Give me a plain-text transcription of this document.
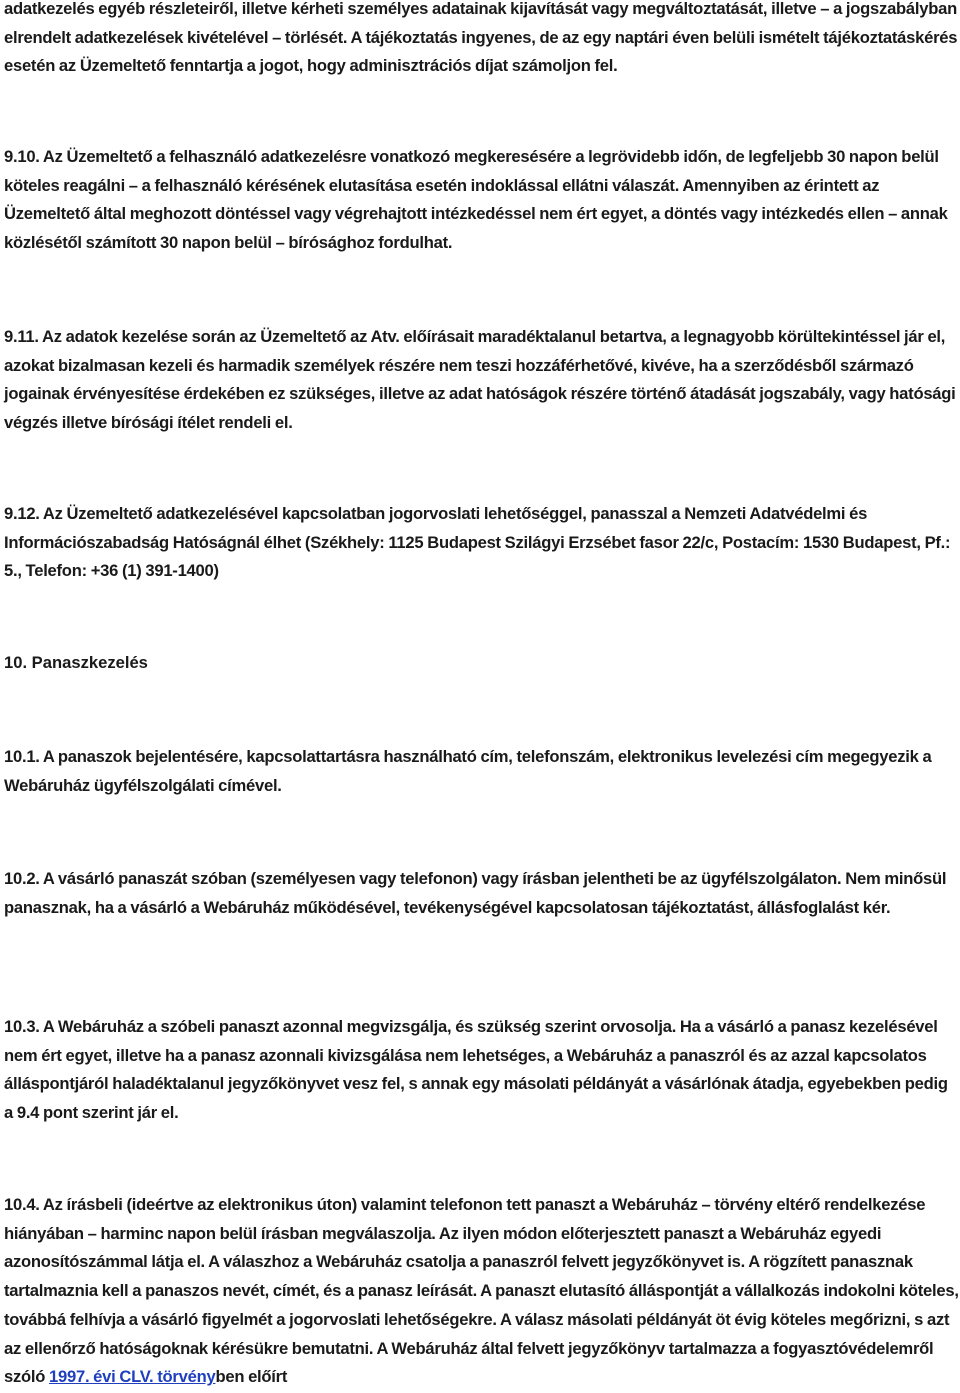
adatkezelés egyéb részleteiről, illetve kérheti személyes adatainak kijavítását vagy megváltoztatását, illetve – a jogszabályban elrendelt adatkezelések kivételével – törlését. A tájékoztatás ingyenes, de az egy naptári éven belüli ismételt tájékoztatáskérés esetén az Üzemeltető fenntartja a jogot, hogy adminisztrációs díjat számoljon fel.

9.10. Az Üzemeltető a felhasználó adatkezelésre vonatkozó megkeresésére a legrövidebb időn, de legfeljebb 30 napon belül köteles reagálni – a felhasználó kérésének elutasítása esetén indoklással ellátni válaszát. Amennyiben az érintett az Üzemeltető által meghozott döntéssel vagy végrehajtott intézkedéssel nem ért egyet, a döntés vagy intézkedés ellen – annak közlésétől számított 30 napon belül – bírósághoz fordulhat.

9.11. Az adatok kezelése során az Üzemeltető az Atv. előírásait maradéktalanul betartva, a legnagyobb körültekintéssel jár el, azokat bizalmasan kezeli és harmadik személyek részére nem teszi hozzáférhetővé, kivéve, ha a szerződésből származó jogainak érvényesítése érdekében ez szükséges, illetve az adat hatóságok részére történő átadását jogszabály, vagy hatósági végzés illetve bírósági ítélet rendeli el.

9.12. Az Üzemeltető adatkezelésével kapcsolatban jogorvoslati lehetőséggel, panasszal a Nemzeti Adatvédelmi és Információszabadság Hatóságnál élhet (Székhely: 1125 Budapest Szilágyi Erzsébet fasor 22/c, Postacím: 1530 Budapest, Pf.: 5., Telefon: +36 (1) 391-1400)

10. Panaszkezelés

10.1. A panaszok bejelentésére, kapcsolattartásra használható cím, telefonszám, elektronikus levelezési cím megegyezik a Webáruház ügyfélszolgálati címével.

10.2. A vásárló panaszát szóban (személyesen vagy telefonon) vagy írásban jelentheti be az ügyfélszolgálaton. Nem minősül panasznak, ha a vásárló a Webáruház működésével, tevékenységével kapcsolatosan tájékoztatást, állásfoglalást kér.

10.3. A Webáruház a szóbeli panaszt azonnal megvizsgálja, és szükség szerint orvosolja. Ha a vásárló a panasz kezelésével nem ért egyet, illetve ha a panasz azonnali kivizsgálása nem lehetséges, a Webáruház a panaszról és az azzal kapcsolatos álláspontjáról haladéktalanul jegyzőkönyvet vesz fel, s annak egy másolati példányát a vásárlónak átadja, egyebekben pedig a 9.4 pont szerint jár el.

10.4. Az írásbeli (ideértve az elektronikus úton) valamint telefonon tett panaszt a Webáruház – törvény eltérő rendelkezése hiányában – harminc napon belül írásban megválaszolja. Az ilyen módon előterjesztett panaszt a Webáruház egyedi azonosítószámmal látja el. A válaszhoz a Webáruház csatolja a panaszról felvett jegyzőkönyvet is. A rögzített panasznak tartalmaznia kell a panaszos nevét, címét, és a panasz leírását. A panaszt elutasító álláspontját a vállalkozás indokolni köteles, továbbá felhívja a vásárló figyelmét a jogorvoslati lehetőségekre. A válasz másolati példányát öt évig köteles megőrizni, s azt az ellenőrző hatóságoknak kérésükre bemutatni. A Webáruház által felvett jegyzőkönyv tartalmazza a fogyasztóvédelemről szóló 1997. évi CLV. törvényben előírt
